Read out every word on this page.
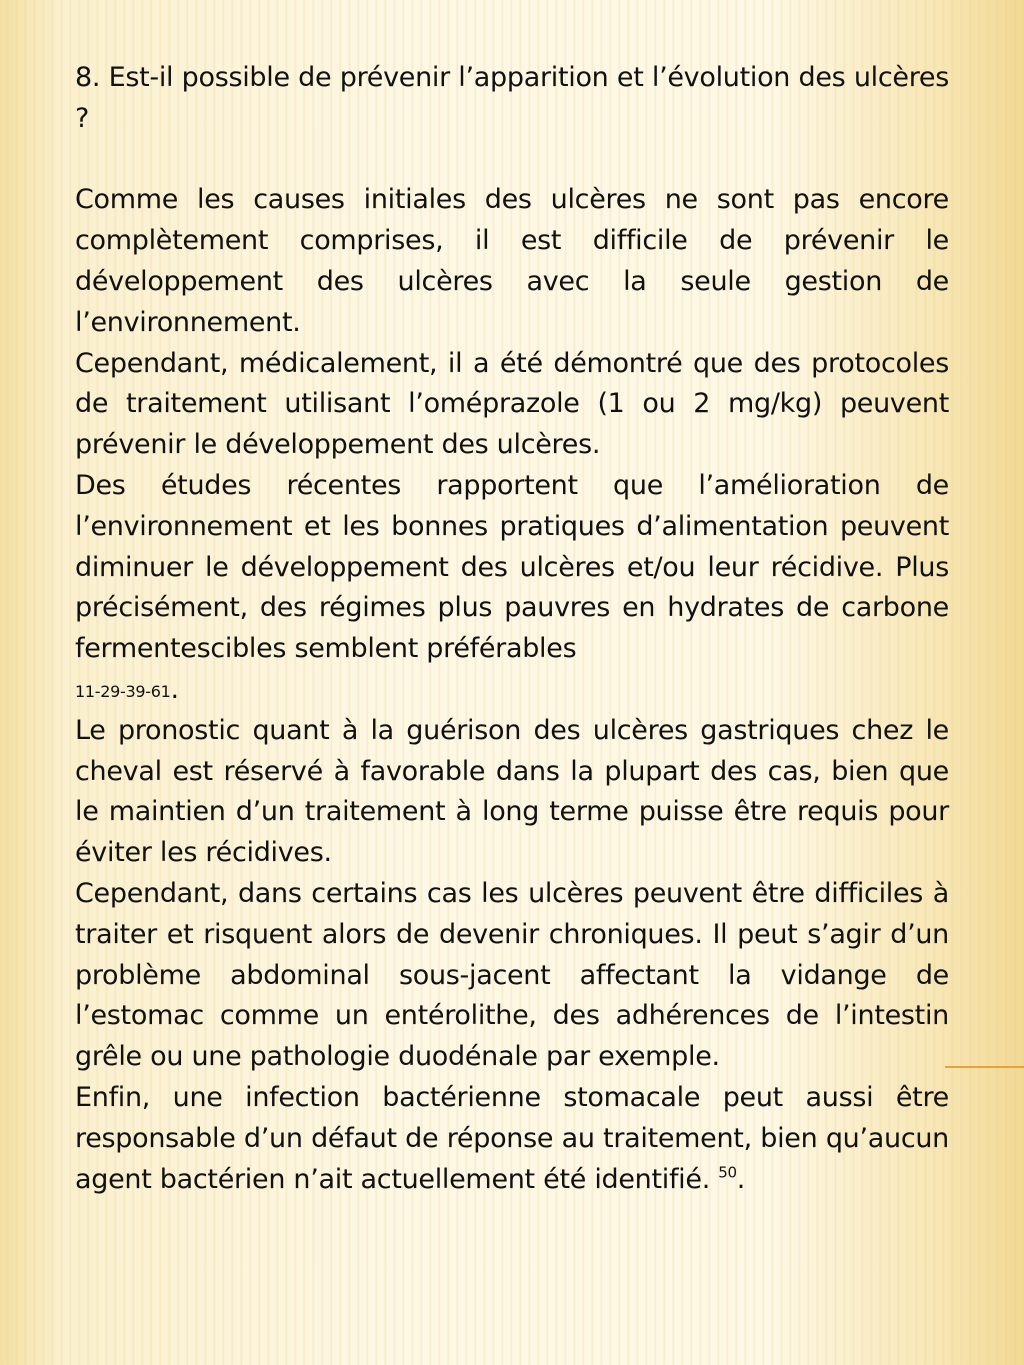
8. Est-il possible de prévenir l’apparition et l’évolution des ulcères ?

Comme les causes initiales des ulcères ne sont pas encore complètement comprises, il est difficile de prévenir le développement des ulcères avec la seule gestion de l’environnement.

Cependant, médicalement, il a été démontré que des protocoles de traitement utilisant l’oméprazole (1 ou 2 mg/kg) peuvent prévenir le développement des ulcères.

Des études récentes rapportent que l’amélioration de l’environnement et les bonnes pratiques d’alimentation peuvent diminuer le développement des ulcères et/ou leur récidive. Plus précisément, des régimes plus pauvres en hydrates de carbone fermentescibles semblent préférables
11-29-39-61.

Le pronostic quant à la guérison des ulcères gastriques chez le cheval est réservé à favorable dans la plupart des cas, bien que le maintien d’un traitement à long terme puisse être requis pour éviter les récidives.

Cependant, dans certains cas les ulcères peuvent être difficiles à traiter et risquent alors de devenir chroniques. Il peut s’agir d’un problème abdominal sous-jacent affectant la vidange de l’estomac comme un entérolithe, des adhérences de l’intestin grêle ou une pathologie duodénale par exemple.

Enfin, une infection bactérienne stomacale peut aussi être responsable d’un défaut de réponse au traitement, bien qu’aucun agent bactérien n’ait actuellement été identifié. $^{50}$.
